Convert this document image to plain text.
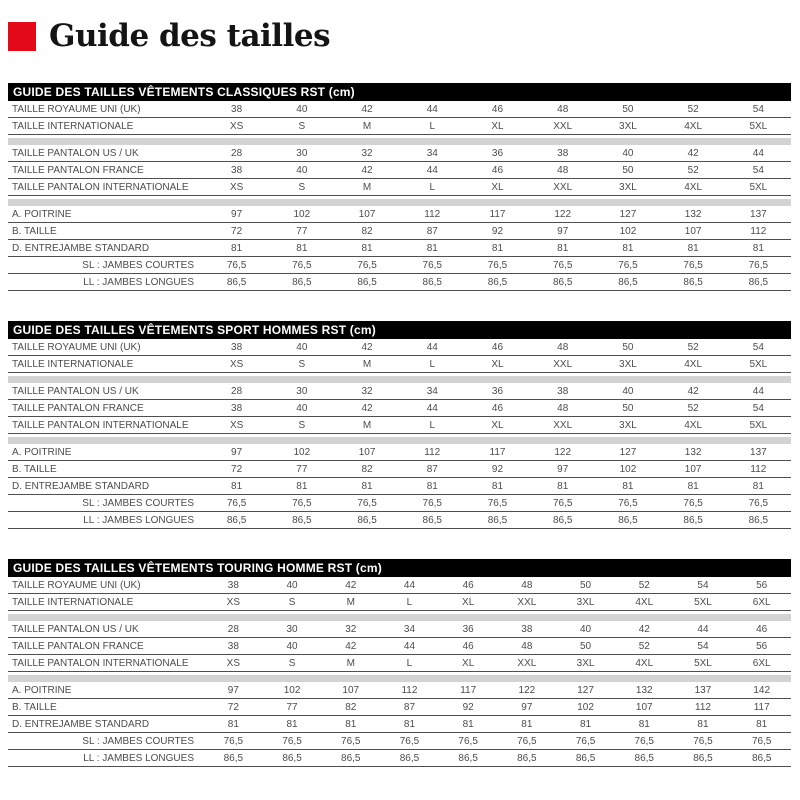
Guide des tailles
GUIDE DES TAILLES VÊTEMENTS CLASSIQUES RST (cm)
TAILLE ROYAUME UNI (UK)	38	40	42	44	46	48	50	52	54
TAILLE INTERNATIONALE	XS	S	M	L	XL	XXL	3XL	4XL	5XL
TAILLE PANTALON US / UK	28	30	32	34	36	38	40	42	44
TAILLE PANTALON FRANCE	38	40	42	44	46	48	50	52	54
TAILLE PANTALON INTERNATIONALE	XS	S	M	L	XL	XXL	3XL	4XL	5XL
A. POITRINE	97	102	107	112	117	122	127	132	137
B. TAILLE	72	77	82	87	92	97	102	107	112
D. ENTREJAMBE STANDARD	81	81	81	81	81	81	81	81	81
SL : JAMBES COURTES	76,5	76,5	76,5	76,5	76,5	76,5	76,5	76,5	76,5
LL : JAMBES LONGUES	86,5	86,5	86,5	86,5	86,5	86,5	86,5	86,5	86,5
GUIDE DES TAILLES VÊTEMENTS SPORT HOMMES RST (cm)
TAILLE ROYAUME UNI (UK)	38	40	42	44	46	48	50	52	54
TAILLE INTERNATIONALE	XS	S	M	L	XL	XXL	3XL	4XL	5XL
TAILLE PANTALON US / UK	28	30	32	34	36	38	40	42	44
TAILLE PANTALON FRANCE	38	40	42	44	46	48	50	52	54
TAILLE PANTALON INTERNATIONALE	XS	S	M	L	XL	XXL	3XL	4XL	5XL
A. POITRINE	97	102	107	112	117	122	127	132	137
B. TAILLE	72	77	82	87	92	97	102	107	112
D. ENTREJAMBE STANDARD	81	81	81	81	81	81	81	81	81
SL : JAMBES COURTES	76,5	76,5	76,5	76,5	76,5	76,5	76,5	76,5	76,5
LL : JAMBES LONGUES	86,5	86,5	86,5	86,5	86,5	86,5	86,5	86,5	86,5
GUIDE DES TAILLES VÊTEMENTS TOURING HOMME RST (cm)
TAILLE ROYAUME UNI (UK)	38	40	42	44	46	48	50	52	54	56
TAILLE INTERNATIONALE	XS	S	M	L	XL	XXL	3XL	4XL	5XL	6XL
TAILLE PANTALON US / UK	28	30	32	34	36	38	40	42	44	46
TAILLE PANTALON FRANCE	38	40	42	44	46	48	50	52	54	56
TAILLE PANTALON INTERNATIONALE	XS	S	M	L	XL	XXL	3XL	4XL	5XL	6XL
A. POITRINE	97	102	107	112	117	122	127	132	137	142
B. TAILLE	72	77	82	87	92	97	102	107	112	117
D. ENTREJAMBE STANDARD	81	81	81	81	81	81	81	81	81	81
SL : JAMBES COURTES	76,5	76,5	76,5	76,5	76,5	76,5	76,5	76,5	76,5	76,5
LL : JAMBES LONGUES	86,5	86,5	86,5	86,5	86,5	86,5	86,5	86,5	86,5	86,5
